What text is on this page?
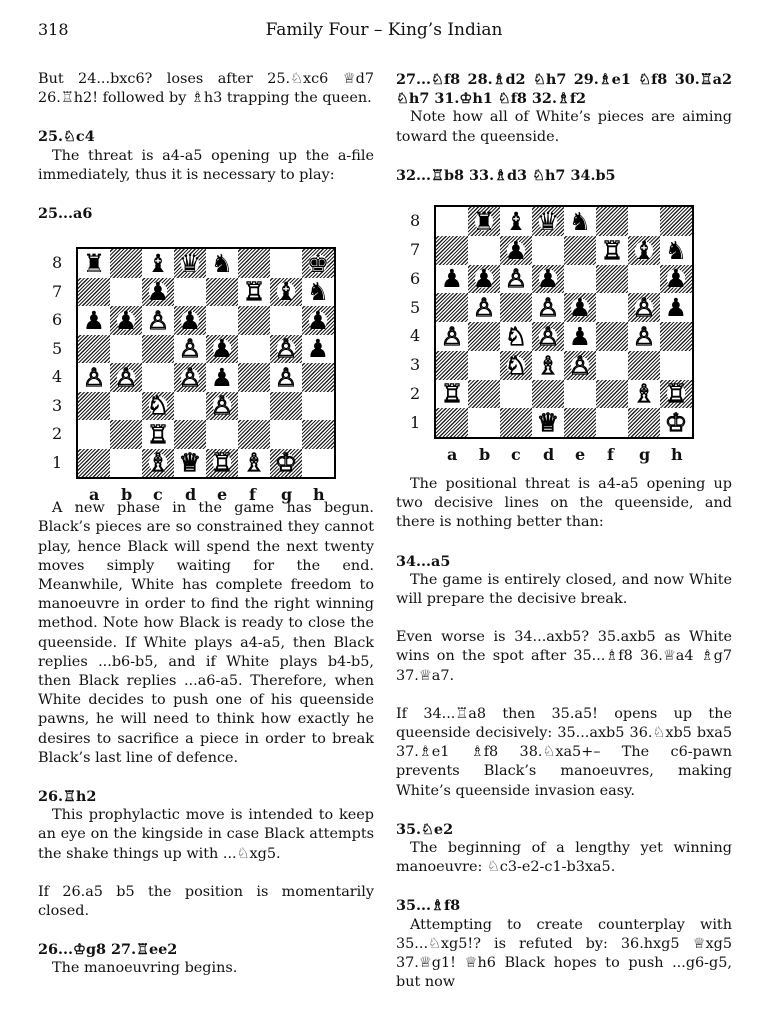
318	Family Four – King’s Indian

But 24...bxc6? loses after 25.♘xc6 ♕d7 26.♖h2! followed by ♗h3 trapping the queen.

25.♘c4

The threat is a4-a5 opening up the a-file immediately, thus it is necessary to play:

25...a6

♜ ♝ ♛ ♞	♚
♟	♖ ♝ ♞
♟ ♟ ♙ ♟	♟
♙ ♟ ♙ ♟
♙ ♙ ♙ ♟ ♙
♘ ♙
♖
♗ ♕ ♖ ♗ ♔
8
7
6
5
4
3
2
1
a b c d e f g h

A new phase in the game has begun. Black’s pieces are so constrained they cannot play, hence Black will spend the next twenty moves simply waiting for the end. Meanwhile, White has complete freedom to manoeuvre in order to find the right winning method. Note how Black is ready to close the queenside. If White plays a4-a5, then Black replies ...b6-b5, and if White plays b4-b5, then Black replies ...a6-a5. Therefore, when White decides to push one of his queenside pawns, he will need to think how exactly he desires to sacrifice a piece in order to break Black’s last line of defence.

26.♖h2

This prophylactic move is intended to keep an eye on the kingside in case Black attempts the shake things up with ...♘xg5.

If 26.a5 b5 the position is momentarily closed.

26...♔g8 27.♖ee2

The manoeuvring begins.

27...♘f8 28.♗d2 ♘h7 29.♗e1 ♘f8 30.♖a2 ♘h7 31.♔h1 ♘f8 32.♗f2

Note how all of White’s pieces are aiming toward the queenside.

32...♖b8 33.♗d3 ♘h7 34.b5

♜ ♝ ♛ ♞
♟	♖ ♝ ♞
♟ ♟ ♙ ♟	♟
♙ ♙ ♟ ♙ ♟
♙ ♘ ♙ ♟ ♙
♘ ♗ ♙
♖	♗ ♖
♕	♔
8
7
6
5
4
3
2
1
a b c d e f g h

The positional threat is a4-a5 opening up two decisive lines on the queenside, and there is nothing better than:

34...a5

The game is entirely closed, and now White will prepare the decisive break.

Even worse is 34...axb5? 35.axb5 as White wins on the spot after 35...♗f8 36.♕a4 ♗g7 37.♕a7.

If 34...♖a8 then 35.a5! opens up the queenside decisively: 35...axb5 36.♘xb5 bxa5 37.♗e1 ♗f8 38.♘xa5+– The c6-pawn prevents Black’s manoeuvres, making White’s queenside invasion easy.

35.♘e2

The beginning of a lengthy yet winning manoeuvre: ♘c3-e2-c1-b3xa5.

35...♗f8

Attempting to create counterplay with 35...♘xg5!? is refuted by: 36.hxg5 ♕xg5 37.♕g1! ♕h6 Black hopes to push ...g6-g5, but now
